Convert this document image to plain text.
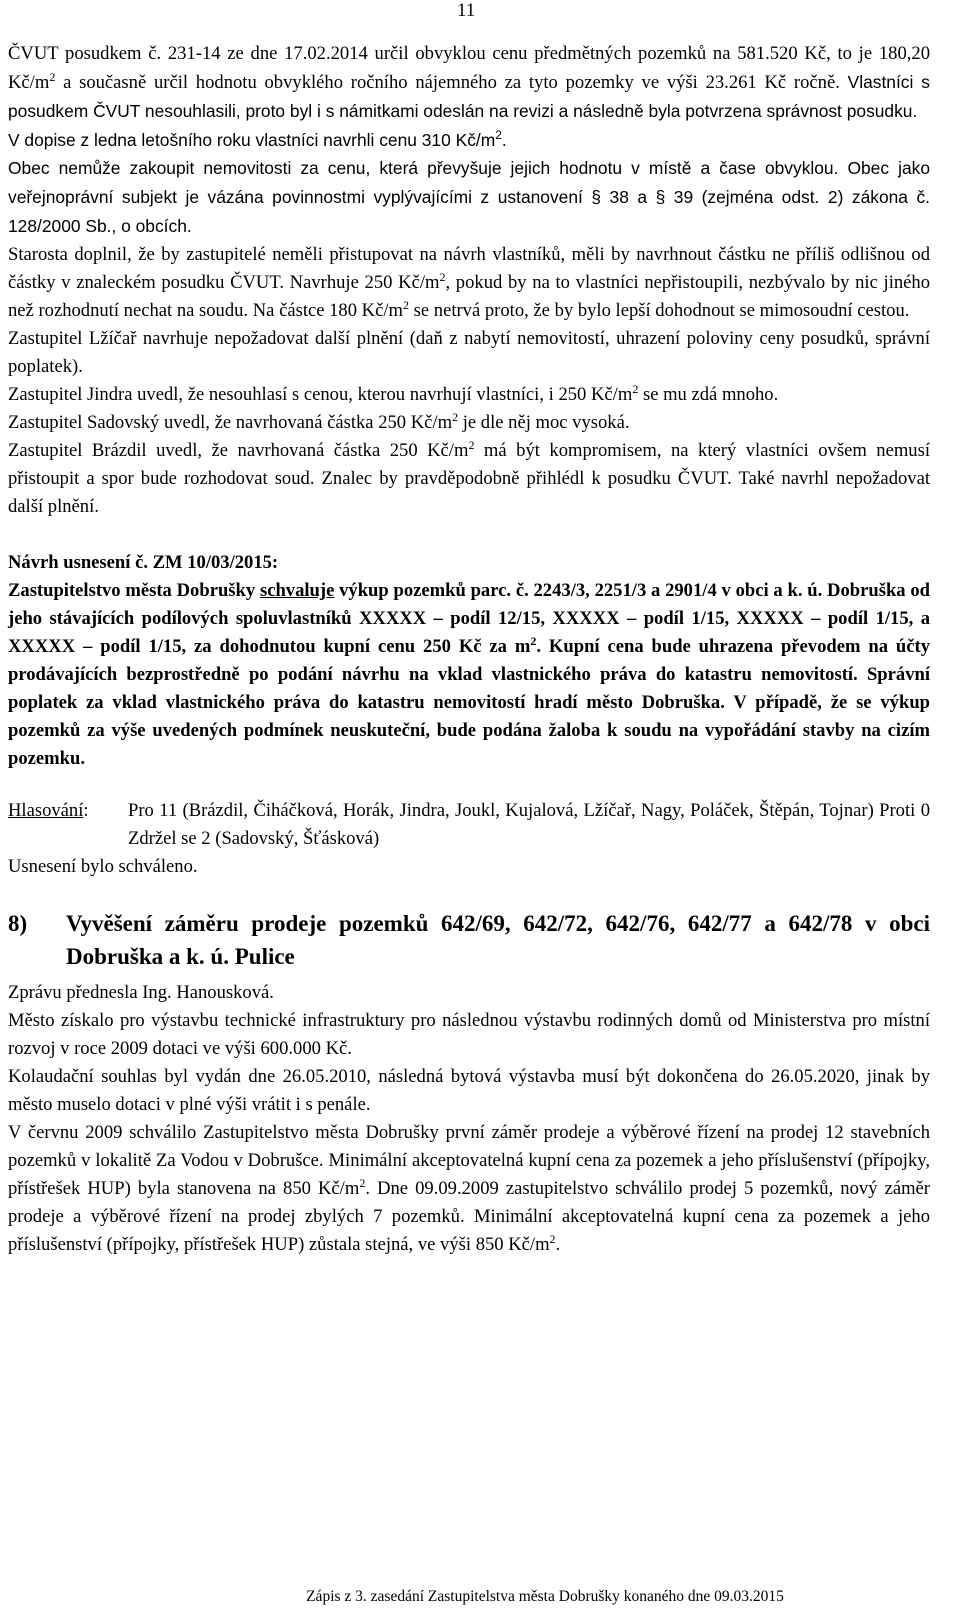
11

ČVUT posudkem č. 231-14 ze dne 17.02.2014 určil obvyklou cenu předmětných pozemků na 581.520 Kč, to je 180,20 $Kč/m^2$ a současně určil hodnotu obvyklého ročního nájemného za tyto pozemky ve výši 23.261 Kč ročně. Vlastníci s posudkem ČVUT nesouhlasili, proto byl i s námitkami odeslán na revizi a následně byla potvrzena správnost posudku.

V dopise z ledna letošního roku vlastníci navrhli cenu 310 $Kč/m^2$.

Obec nemůže zakoupit nemovitosti za cenu, která převyšuje jejich hodnotu v místě a čase obvyklou. Obec jako veřejnoprávní subjekt je vázána povinnostmi vyplývajícími z ustanovení § 38 a § 39 (zejména odst. 2) zákona č. 128/2000 Sb., o obcích.

Starosta doplnil, že by zastupitelé neměli přistupovat na návrh vlastníků, měli by navrhnout částku ne příliš odlišnou od částky v znaleckém posudku ČVUT. Navrhuje 250 $Kč/m^2$, pokud by na to vlastníci nepřistoupili, nezbývalo by nic jiného než rozhodnutí nechat na soudu. Na částce 180 $Kč/m^2$ se netrvá proto, že by bylo lepší dohodnout se mimosoudní cestou.

Zastupitel Lžíčař navrhuje nepožadovat další plnění (daň z nabytí nemovitostí, uhrazení poloviny ceny posudků, správní poplatek).

Zastupitel Jindra uvedl, že nesouhlasí s cenou, kterou navrhují vlastníci, i 250 $Kč/m^2$ se mu zdá mnoho.

Zastupitel Sadovský uvedl, že navrhovaná částka 250 $Kč/m^2$ je dle něj moc vysoká.

Zastupitel Brázdil uvedl, že navrhovaná částka 250 $Kč/m^2$ má být kompromisem, na který vlastníci ovšem nemusí přistoupit a spor bude rozhodovat soud. Znalec by pravděpodobně přihlédl k posudku ČVUT. Také navrhl nepožadovat další plnění.

Návrh usnesení č. ZM 10/03/2015:

Zastupitelstvo města Dobrušky schvaluje výkup pozemků parc. č. 2243/3, 2251/3 a 2901/4 v obci a k. ú. Dobruška od jeho stávajících podílových spoluvlastníků XXXXX – podíl 12/15, XXXXX – podíl 1/15, XXXXX – podíl 1/15, a XXXXX – podíl 1/15, za dohodnutou kupní cenu 250 Kč za $m^2$. Kupní cena bude uhrazena převodem na účty prodávajících bezprostředně po podání návrhu na vklad vlastnického práva do katastru nemovitostí. Správní poplatek za vklad vlastnického práva do katastru nemovitostí hradí město Dobruška. V případě, že se výkup pozemků za výše uvedených podmínek neuskuteční, bude podána žaloba k soudu na vypořádání stavby na cizím pozemku.

Hlasování:	Pro 11 (Brázdil, Čiháčková, Horák, Jindra, Joukl, Kujalová, Lžíčař, Nagy, Poláček, Štěpán, Tojnar) Proti 0 Zdržel se 2 (Sadovský, Šťásková)

Usnesení bylo schváleno.

8)	Vyvěšení záměru prodeje pozemků 642/69, 642/72, 642/76, 642/77 a 642/78 v obci Dobruška a k. ú. Pulice

Zprávu přednesla Ing. Hanousková.

Město získalo pro výstavbu technické infrastruktury pro následnou výstavbu rodinných domů od Ministerstva pro místní rozvoj v roce 2009 dotaci ve výši 600.000 Kč.

Kolaudační souhlas byl vydán dne 26.05.2010, následná bytová výstavba musí být dokončena do 26.05.2020, jinak by město muselo dotaci v plné výši vrátit i s penále.

V červnu 2009 schválilo Zastupitelstvo města Dobrušky první záměr prodeje a výběrové řízení na prodej 12 stavebních pozemků v lokalitě Za Vodou v Dobrušce. Minimální akceptovatelná kupní cena za pozemek a jeho příslušenství (přípojky, přístřešek HUP) byla stanovena na 850 $Kč/m^2$. Dne 09.09.2009 zastupitelstvo schválilo prodej 5 pozemků, nový záměr prodeje a výběrové řízení na prodej zbylých 7 pozemků. Minimální akceptovatelná kupní cena za pozemek a jeho příslušenství (přípojky, přístřešek HUP) zůstala stejná, ve výši 850 $Kč/m^2$.

Zápis z 3. zasedání Zastupitelstva města Dobrušky konaného dne 09.03.2015
